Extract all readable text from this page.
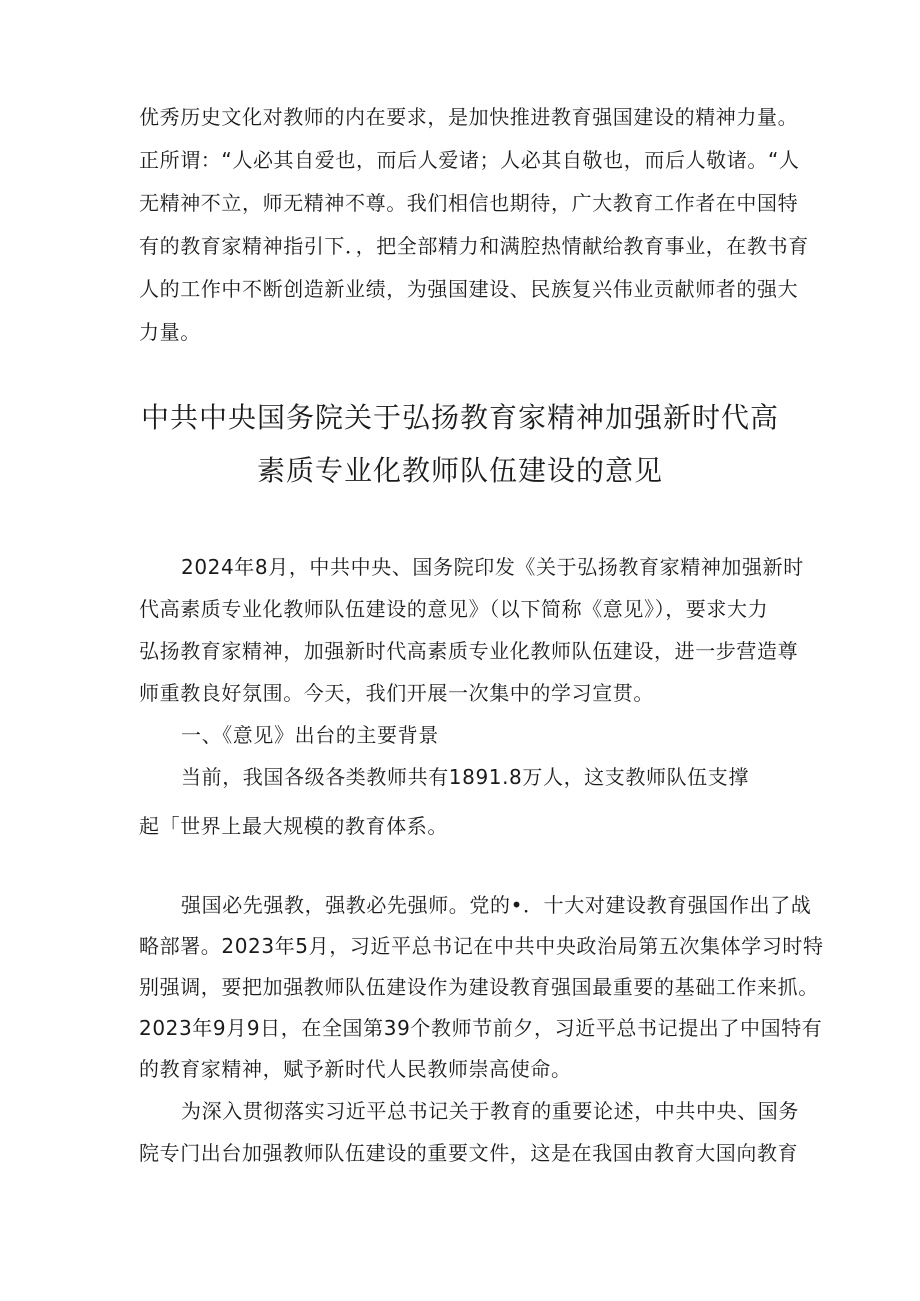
优秀历史文化对教师的内在要求，是加快推进教育强国建设的精神力量。
正所谓：“人必其自爱也，而后人爱诸；人必其自敬也，而后人敬诸。“人
无精神不立，师无精神不尊。我们相信也期待，广大教育工作者在中国特
有的教育家精神指引下．，把全部精力和满腔热情献给教育事业，在教书育
人的工作中不断创造新业绩，为强国建设、民族复兴伟业贡献师者的强大
力量。
中共中央国务院关于弘扬教育家精神加强新时代高
素质专业化教师队伍建设的意见
2024年8月，中共中央、国务院印发《关于弘扬教育家精神加强新时
代高素质专业化教师队伍建设的意见》（以下简称《意见》），要求大力
弘扬教育家精神，加强新时代高素质专业化教师队伍建设，进一步营造尊
师重教良好氛围。今天，我们开展一次集中的学习宣贯。
一、《意见》出台的主要背景
当前，我国各级各类教师共有1891.8万人，这支教师队伍支撑
起「世界上最大规模的教育体系。
强国必先强教，强教必先强师。党的•．十大对建设教育强国作出了战
略部署。2023年5月，习近平总书记在中共中央政治局第五次集体学习时特
别强调，要把加强教师队伍建设作为建设教育强国最重要的基础工作来抓。
2023年9月9日，在全国第39个教师节前夕，习近平总书记提出了中国特有
的教育家精神，赋予新时代人民教师崇高使命。
为深入贯彻落实习近平总书记关于教育的重要论述，中共中央、国务
院专门出台加强教师队伍建设的重要文件，这是在我国由教育大国向教育
